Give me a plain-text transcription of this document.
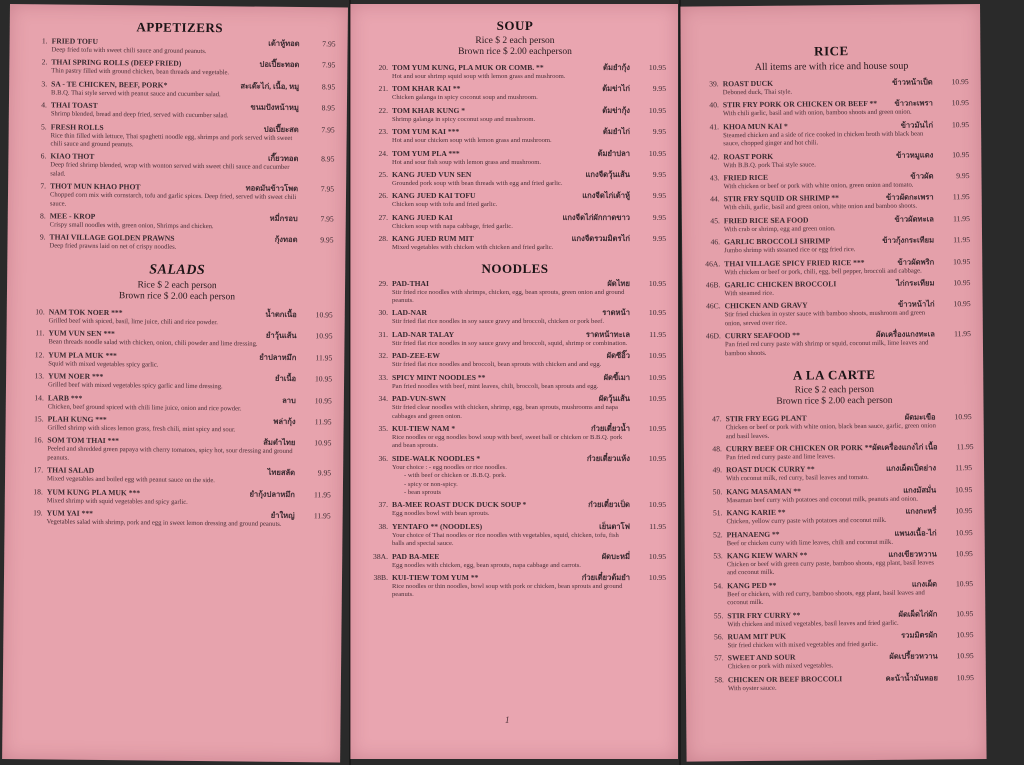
APPETIZERS
1. FRIED TOFU	เต้าหู้ทอด	7.95
Deep fried tofu with sweet chili sauce and ground peanuts.
2. THAI SPRING ROLLS (DEEP FRIED)	ปอเปี๊ยะทอด	7.95
Thin pastry filled with ground chicken, bean threads and vegetable.
3. SA - TE CHICKEN, BEEF, PORK*	สะเต๊ะไก่, เนื้อ, หมู	8.95
B.B.Q. Thai style served with peanut sauce and cucumber salad.
4. THAI TOAST	ขนมปังหน้าหมู	8.95
Shrimp blended, bread and deep fried, served with cucumber salad.
5. FRESH ROLLS	ปอเปี๊ยะสด	7.95
Rice thin filled with lettuce, Thai spaghetti noodle egg, shrimps and pork served with sweet chili sauce and ground peanuts.
6. KIAO THOT	เกี๊ยวทอด	8.95
Deep fried shrimp blended, wrap with wonton served with sweet chili sauce and cucumber salad.
7. THOT MUN KHAO PHOT	ทอดมันข้าวโพด	7.95
Chopped corn mix with cornstarch, tofu and garlic spices. Deep fried, served with sweet chili sauce.
8. MEE - KROP	หมี่กรอบ	7.95
Crispy small noodles with, green onion, Shrimps and chicken.
9. THAI VILLAGE GOLDEN PRAWNS	กุ้งทอด	9.95
Deep fried prawns laid on net of crispy noodles.
SALADS
Rice $ 2 each person
Brown rice $ 2.00 each person
10. NAM TOK NOER ***	น้ำตกเนื้อ	10.95
Grilled beef with spiced, basil, lime juice, chili and rice powder.
11. YUM VUN SEN ***	ยำวุ้นเส้น	10.95
Bean threads noodle salad with chicken, onion, chili powder and lime dressing.
12. YUM PLA MUK ***	ยำปลาหมึก	11.95
Squid with mixed vegetables spicy garlic.
13. YUM NOER ***	ยำเนื้อ	10.95
Grilled beef with mixed vegetables spicy garlic and lime dressing.
14. LARB ***	ลาบ	10.95
Chicken, beef ground spiced with chili lime juice, onion and rice powder.
15. PLAH KUNG ***	พล่ากุ้ง	11.95
Grilled shrimp with slices lemon grass, fresh chili, mint spicy and sour.
16. SOM TOM THAI ***	ส้มตำไทย	10.95
Peeled and shredded green papaya with cherry tomatoes, spicy hot, sour dressing and ground peanuts.
17. THAI SALAD	ไทยสลัด	9.95
Mixed vegetables and boiled egg with peanut sauce on the side.
18. YUM KUNG PLA MUK ***	ยำกุ้งปลาหมึก	11.95
Mixed shrimp with squid vegetables and spicy garlic.
19. YUM YAI ***	ยำใหญ่	11.95
Vegetables salad with shrimp, pork and egg in sweet lemon dressing and ground peanuts.
SOUP
Rice $ 2 each person
Brown rice $ 2.00 eachperson
20. TOM YUM KUNG, PLA MUK OR COMB. **	ต้มยำกุ้ง	10.95
Hot and sour shrimp squid soup with lemon grass and mushroom.
21. TOM KHAR KAI **	ต้มข่าไก่	9.95
Chicken galanga in spicy coconut soup and mushroom.
22. TOM KHAR KUNG *	ต้มข่ากุ้ง	10.95
Shrimp galanga in spicy coconut soup and mushroom.
23. TOM YUM KAI ***	ต้มยำไก่	9.95
Hot and sour chicken soup with lemon grass and mushroom.
24. TOM YUM PLA ***	ต้มยำปลา	10.95
Hot and sour fish soup with lemon grass and mushroom.
25. KANG JUED VUN SEN	แกงจืดวุ้นเส้น	9.95
Grounded pork soup with bean threads with egg and fried garlic.
26. KANG JUED KAI TOFU	แกงจืดไก่เต้าหู้	9.95
Chicken soup with tofu and fried garlic.
27. KANG JUED KAI	แกงจืดไก่ผักกาดขาว	9.95
Chicken soup with napa cabbage, fried garlic.
28. KANG JUED RUM MIT	แกงจืดรวมมิตรไก่	9.95
Mixed vegetables with chicken with chicken and fried garlic.
NOODLES
29. PAD-THAI	ผัดไทย	10.95
Stir fried rice noodles with shrimps, chicken, egg, bean sprouts, green onion and ground peanuts.
30. LAD-NAR	ราดหน้า	10.95
Stir fried flat rice noodles in soy sauce gravy and broccoli, chicken or pork beef.
31. LAD-NAR TALAY	ราดหน้าทะเล	11.95
Stir fried flat rice noodles in soy sauce gravy and broccoli, squid, shrimp or combination.
32. PAD-ZEE-EW	ผัดซีอิ๊ว	10.95
Stir fried flat rice noodles and broccoli, bean sprouts with chicken and and egg.
33. SPICY MINT NOODLES **	ผัดขี้เมา	10.95
Pan fried noodles with beef, mint leaves, chili, broccoli, bean sprouts and egg.
34. PAD-VUN-SWN	ผัดวุ้นเส้น	10.95
Stir fried clear noodles with chicken, shrimp, egg, bean sprouts, mushrooms and napa cabbages and green onion.
35. KUI-TIEW NAM *	ก๋วยเตี๋ยวน้ำ	10.95
Rice noodles or egg noodles bowl soup with beef, sweet ball or chicken or B.B.Q. pork and bean sprouts.
36. SIDE-WALK NOODLES *	ก๋วยเตี๋ยวแห้ง	10.95
Your choice : - egg noodles or rice noodles.
- with beef or chicken or .B.B.Q. pork.
- spicy or non-spicy.
- bean sprouts
37. BA-MEE ROAST DUCK DUCK SOUP *	ก๋วยเตี๋ยวเป็ด	10.95
Egg noodles bowl with bean sprouts.
38. YENTAFO ** (NOODLES)	เย็นตาโฟ	11.95
Your choice of Thai noodles or rice noodles with vegetables, squid, chicken, tofu, fish balls and special sauce.
38A. PAD BA-MEE	ผัดบะหมี่	10.95
Egg noodles with chicken, egg, bean sprouts, napa cabbage and carrots.
38B. KUI-TIEW TOM YUM **	ก๋วยเตี๋ยวต้มยำ	10.95
Rice noodles or thin noodles, bowl soup with pork or chicken, bean sprouts and ground peanuts.
1
RICE
All items are with rice and house soup
39. ROAST DUCK	ข้าวหน้าเป็ด	10.95
Deboned duck, Thai style.
40. STIR FRY PORK OR CHICKEN OR BEEF **	ข้าวกะเพรา	10.95
With chili garlic, basil and with onion, bamboo shoots and green onion.
41. KHOA MUN KAI *	ข้าวมันไก่	10.95
Steamed chicken and a side of rice cooked in chicken broth with black bean sauce, chopped ginger and hot chili.
42. ROAST PORK	ข้าวหมูแดง	10.95
With B.B.Q. pork Thai style sauce.
43. FRIED RICE	ข้าวผัด	9.95
With chicken or beef or pork with white onion, green onion and tomato.
44. STIR FRY SQUID OR SHRIMP **	ข้าวผัดกะเพรา	11.95
With chili, garlic, basil and green onion, white onion and bamboo shoots.
45. FRIED RICE SEA FOOD	ข้าวผัดทะเล	11.95
With crab or shrimp, egg and green onion.
46. GARLIC BROCCOLI SHRIMP	ข้าวกุ้งกระเทียม	11.95
Jumbo shrimp with steamed rice or egg fried rice.
46A. THAI VILLAGE SPICY FRIED RICE ***	ข้าวผัดพริก	10.95
With chicken or beef or pork, chili, egg, bell pepper, broccoli and cabbage.
46B. GARLIC CHICKEN BROCCOLI	ไก่กระเทียม	10.95
With steamed rice.
46C. CHICKEN AND GRAVY	ข้าวหน้าไก่	10.95
Stir fried chicken in oyster sauce with bamboo shoots, mushroom and green onion, served over rice.
46D. CURRY SEAFOOD **	ผัดเครื่องแกงทะเล	11.95
Pan fried red curry paste with shrimp or squid, coconut milk, lime leaves and bamboo shoots.
A LA CARTE
Rice $ 2 each person
Brown rice $ 2.00 each person
47. STIR FRY EGG PLANT	ผัดมะเขือ	10.95
Chicken or beef or pork with white onion, black bean sauce, garlic, green onion and basil leaves.
48. CURRY BEEF OR CHICKEN OR PORK ** ผัดเครื่องแกงไก่ เนื้อ	11.95
Pan fried red curry paste and lime leaves.
49. ROAST DUCK CURRY **	แกงเผ็ดเป็ดย่าง	11.95
With coconut milk, red curry, basil leaves and tomato.
50. KANG MASAMAN **	แกงมัสมั่น	10.95
Masaman beef curry with potatoes and coconut milk, peanuts and onion.
51. KANG KARIE **	แกงกะหรี่	10.95
Chicken, yellow curry paste with potatoes and coconut milk.
52. PHANAENG **	แพนงเนื้อ-ไก่	10.95
Beef or chicken curry with lime leaves, chili and coconut milk.
53. KANG KIEW WARN **	แกงเขียวหวาน	10.95
Chicken or beef with green curry paste, bamboo shoots, egg plant, basil leaves and coconut milk.
54. KANG PED **	แกงเผ็ด	10.95
Beef or chicken, with red curry, bamboo shoots, egg plant, basil leaves and coconut milk.
55. STIR FRY CURRY **	ผัดเผ็ดไก่ผัก	10.95
With chicken and mixed vegetables, basil leaves and fried garlic.
56. RUAM MIT PUK	รวมมิตรผัก	10.95
Stir fried chicken with mixed vegetables and fried garlic.
57. SWEET AND SOUR	ผัดเปรี้ยวหวาน	10.95
Chicken or pork with mixed vegetables.
58. CHICKEN OR BEEF BROCCOLI	คะน้าน้ำมันหอย	10.95
With oyster sauce.
